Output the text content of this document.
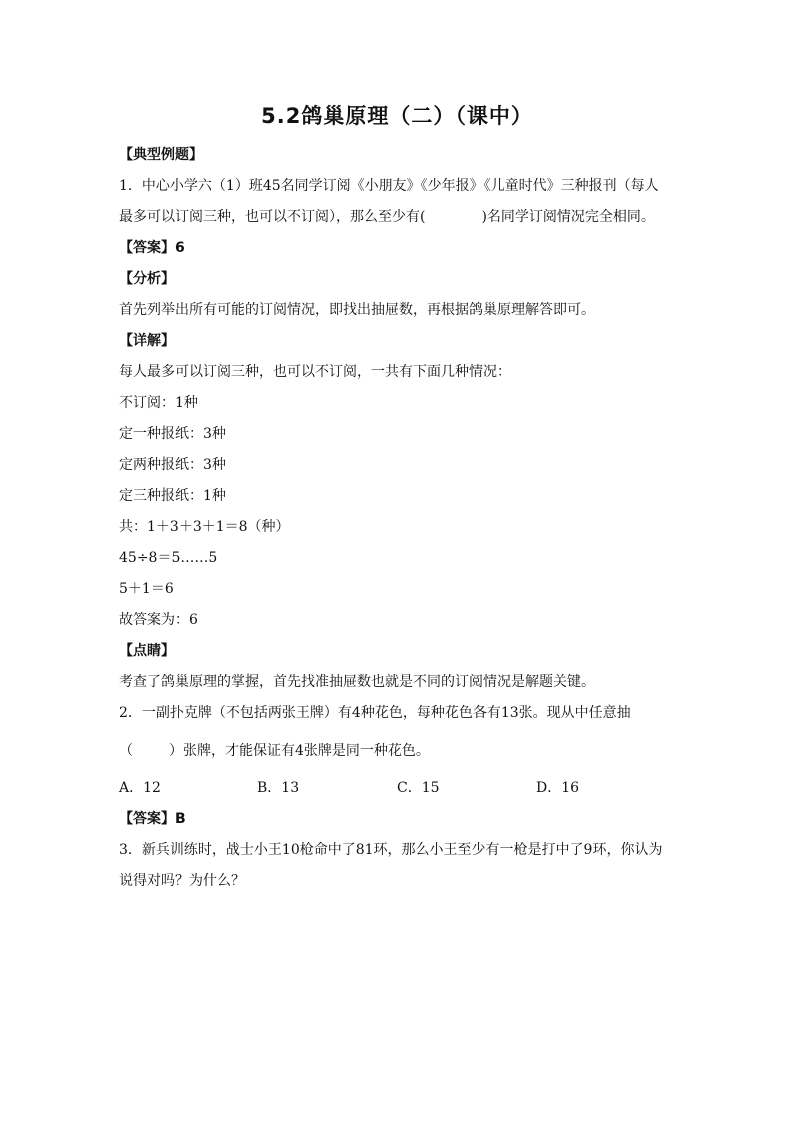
5.2鸽巢原理（二）（课中）
【典型例题】
1．中心小学六（1）班45名同学订阅《小朋友》《少年报》《儿童时代》三种报刊（每人
最多可以订阅三种，也可以不订阅），那么至少有(	)名同学订阅情况完全相同。
【答案】6
【分析】
首先列举出所有可能的订阅情况，即找出抽屉数，再根据鸽巢原理解答即可。
【详解】
每人最多可以订阅三种，也可以不订阅，一共有下面几种情况：
不订阅：1种
定一种报纸：3种
定两种报纸：3种
定三种报纸：1种
共：1＋3＋3＋1＝8（种）
45÷8＝5……5
5＋1＝6
故答案为：6
【点睛】
考查了鸽巢原理的掌握，首先找准抽屉数也就是不同的订阅情况是解题关键。
2．一副扑克牌（不包括两张王牌）有4种花色，每种花色各有13张。现从中任意抽
（	）张牌，才能保证有4张牌是同一种花色。
A．12	B．13	C．15	D．16
【答案】B
3．新兵训练时，战士小王10枪命中了81环，那么小王至少有一枪是打中了9环，你认为
说得对吗？为什么？
